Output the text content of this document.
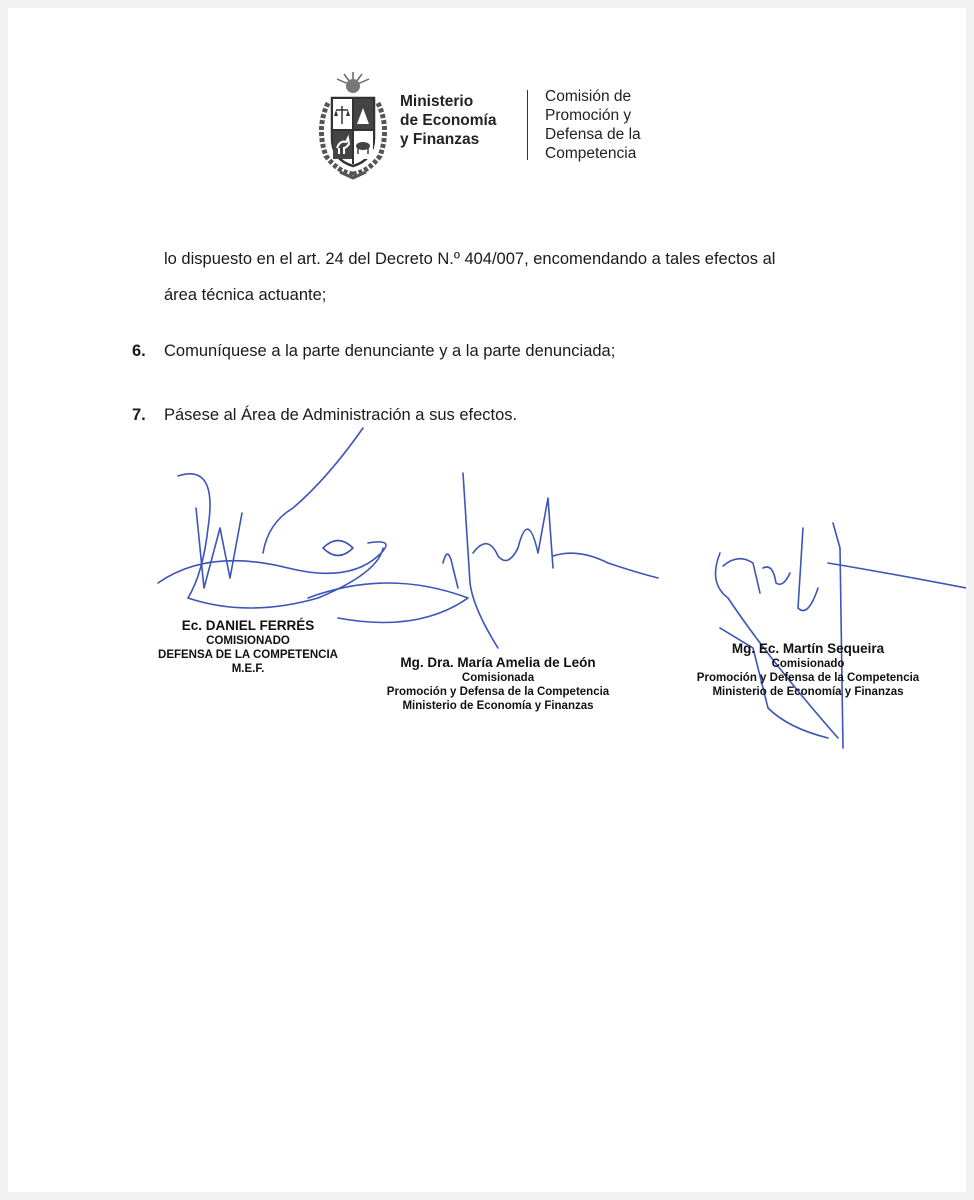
Ministerio
de Economía
y Finanzas
Comisión de
Promoción y
Defensa de la
Competencia
lo dispuesto en el art. 24 del Decreto N.º 404/007, encomendando a tales efectos al
área técnica actuante;
6. Comuníquese a la parte denunciante y a la parte denunciada;
7. Pásese al Área de Administración a sus efectos.
Ec. DANIEL FERRÉS
COMISIONADO
DEFENSA DE LA COMPETENCIA
M.E.F.	Mg. Dra. María Amelia de León
Comisionada
Promoción y Defensa de la Competencia
Ministerio de Economía y Finanzas
Mg. Ec. Martín Sequeira
Comisionado
Promoción y Defensa de la Competencia
Ministerio de Economía y Finanzas
